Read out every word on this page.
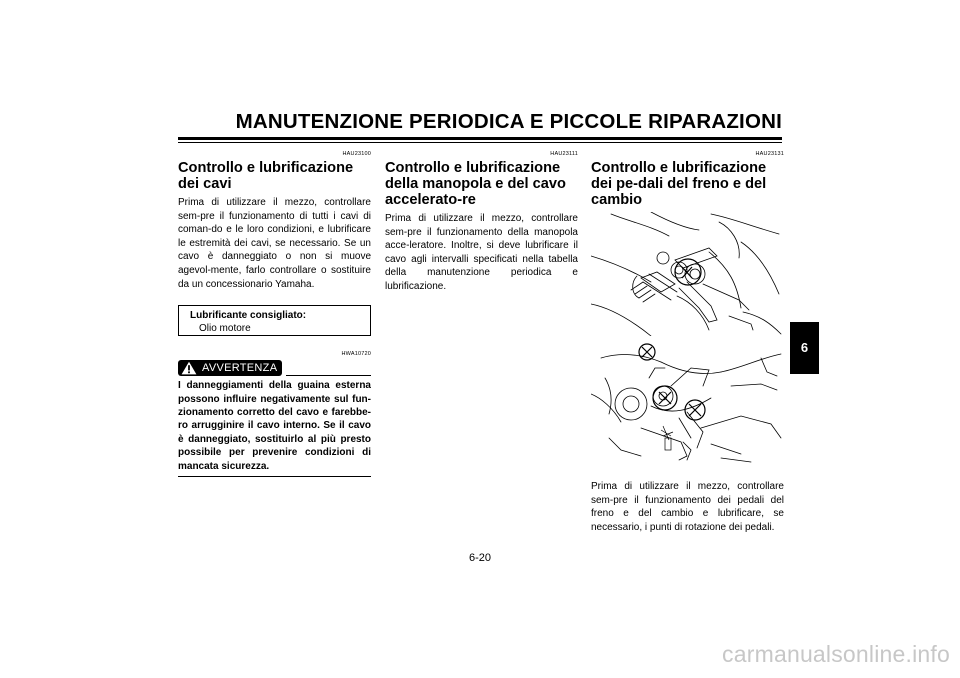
MANUTENZIONE PERIODICA E PICCOLE RIPARAZIONI
HAU23100
Controllo e lubrificazione dei cavi

Prima di utilizzare il mezzo, controllare sem-pre il funzionamento di tutti i cavi di coman-do e le loro condizioni, e lubrificare le estremità dei cavi, se necessario. Se un cavo è danneggiato o non si muove agevol-mente, farlo controllare o sostituire da un concessionario Yamaha.

Lubrificante consigliato:
Olio motore
HWA10720
AVVERTENZA

I danneggiamenti della guaina esterna possono influire negativamente sul fun-zionamento corretto del cavo e farebbe-ro arrugginire il cavo interno. Se il cavo è danneggiato, sostituirlo al più presto possibile per prevenire condizioni di mancata sicurezza.

HAU23111
Controllo e lubrificazione della manopola e del cavo accelerato-re

Prima di utilizzare il mezzo, controllare sem-pre il funzionamento della manopola acce-leratore. Inoltre, si deve lubrificare il cavo agli intervalli specificati nella tabella della manutenzione periodica e lubrificazione.

HAU23131
Controllo e lubrificazione dei pe-dali del freno e del cambio

Prima di utilizzare il mezzo, controllare sem-pre il funzionamento dei pedali del freno e del cambio e lubrificare, se necessario, i punti di rotazione dei pedali.

6
6-20
carmanualsonline.info
